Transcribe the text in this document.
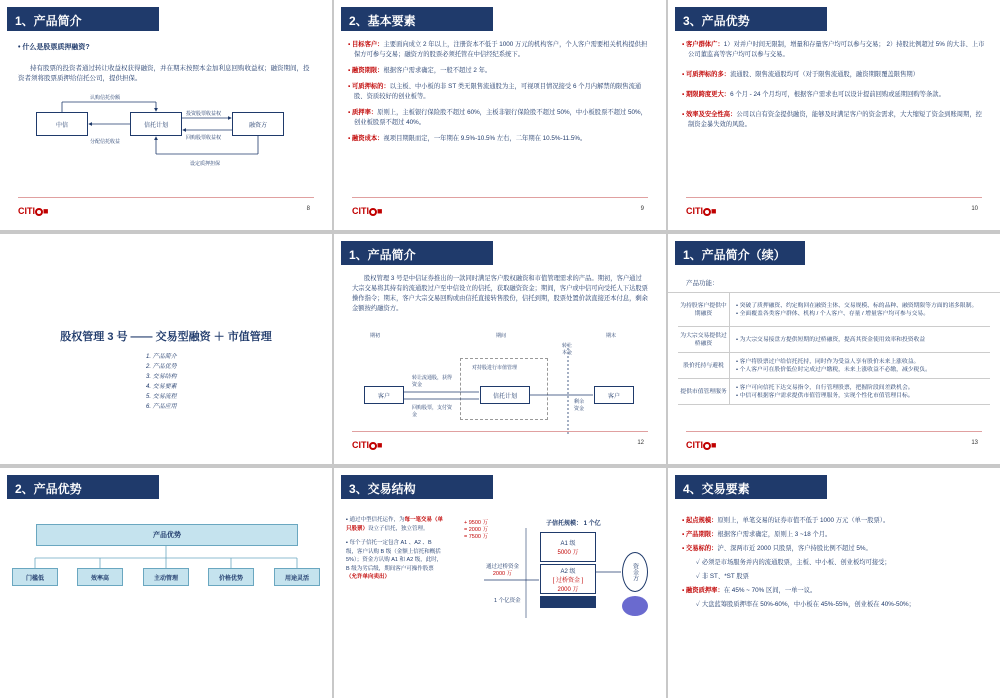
1、产品简介
• 什么是股票质押融资?
持有股票的投资者通过转让收益权获得融资，并在期末按照本金加利息回购收益权；融资期间，投资者须将股票质押给信托公司，提供担保。
中信	信托计划	融资方
认购信托份额
分配信托收益
投资股票收益权
回购股票收益权
设定质押担保
CITI ■	8
2、基本要素
▪ 目标客户：主要面向成立 2 年以上，注册资本不低于 1000 万元的机构客户，个人客户需要相关机构提供担保方可参与交易；融资方的股票必须托管在中信经纪系统下。
▪ 融资期限：根据客户需求确定，一般不超过 2 年。
▪ 可质押标的：以主板、中小板的非 ST 类无限售流通股为主，可视项目情况接受 6 个月内解禁的限售流通股、资质较好的创业板等。
▪ 质押率：原则上，主板银行保险股不超过 60%，主板非银行保险股不超过 50%，中小板股票不超过 50%，创业板股票不超过 40%。
▪ 融资成本：视项目期限而定，一年期在 9.5%-10.5% 左右，二年期在 10.5%-11.5%。
CITI ■	9
3、产品优势
▪ 客户群体广：1）对并户时间无限制，增量和存量客户均可以参与交易； 2）持股比例超过 5% 的大非、上市公司董监高等客户均可以参与交易。
▪ 可质押标的多：流通股、限售流通股均可（对于限售流通股，融资期限覆盖限售期）
▪ 期限跨度更大：6 个月 - 24 个月均可，根据客户需求也可以设计提前回购或延期回购等条款。
▪ 效率及安全性高：公司以自有资金提供融资，能够及时满足客户的资金需求，大大缩短了资金到账周期，控制资金暴失效的风险。
CITI ■	10
股权管理 3 号 —— 交易型融资 ＋ 市值管理
1. 产品简介
2. 产品优势
3. 交易结构
4. 交易要素
5. 交易流程
6. 产品应用
1、产品简介
股权管理 3 号是中信证券推出的一款同时满足客户股权融资和市值管理需求的产品。期初，客户通过大宗交易将其持有的流通股过户至中信设立的信托，获取融资资金；期间，客户或中信可向受托人下达股票操作指令；期末，客户大宗交易回购或由信托直接转售股份，信托到期，股票处置价款直接还本付息，剩余金额按约融资方。
期初	期间	期末
对持股进行市值管理
客户	信托计划	客户
转让流通股，获得资金
回购股票，支付资金
转让本金
剩余资金
CITI ■	12
1、产品简介（续）
产品功能：
为持股客户提供中期融资
• 突破了质押融资、约定购回在融资主体、交易规模、标的品种、融资期限等方面的诸多限制。
• 全面覆盖各类客户群体、机构 / 个人客户、存量 / 增量客户均可参与交易。
为大宗交易提供过桥融资
• 为大宗交易接盘方提供短期的过桥融资，提高其资金使用效率和投资收益
股价托持与避税
• 客户将股票过户给信托托持，同时作为受益人享有股价未来上涨收益。
• 个人客户可在股价低位时完成过户缴税，未来上涨收益不必缴，减少税负。
提供市值管理服务
• 客户可向信托下达交易指令，自行管理股票，把握阶段间差跌机会。
• 中信可根据客户需求提供市值管理服务，实现个性化市值管理目标。
CITI ■	13
2、产品优势
产品优势
门槛低	效率高	主动管理	价格优势	用途灵活
3、交易结构
▪ 通过中型信托运作，为每一笔交易（单只股票）设立子信托，独立管理。
▪ 每个子信托一定包含 A1 、A2 、B 级，客户认购 B 级（金额上信托和概括 5%）；资金方认购 A1 和 A2 级，此时，B 级为劣后级，期间客户可操作股票（允许单向卖出）
+ 9500 万
= 2000 万
= 7500 万
子信托规模： 1 个亿
A1 级
5000 万
A2 级
[ 过桥资金 ]
2000 万
资金方
通过过桥资金
2000 万
1 个亿资金
4、交易要素
▪ 起点规模：原则上，单笔交易的证券市值不低于 1000 万元（单一股票）。
▪ 产品期限：根据客户需求确定，原则上 3 ~18 个月。
▪ 交易标的：沪、深两市近 2000 只股票，客户持股比例不超过 5%。
✓ 必须是市场服务并内的流通股票，主板、中小板、创业板均可接受；
✓ 非 ST、*ST 股票
▪ 融资质押率：在 45% ~ 70% 区间，一单一议。
✓ 大盘蓝筹股质押率在 50%-60%，中小板在 45%-55%，创业板在 40%-50%；
